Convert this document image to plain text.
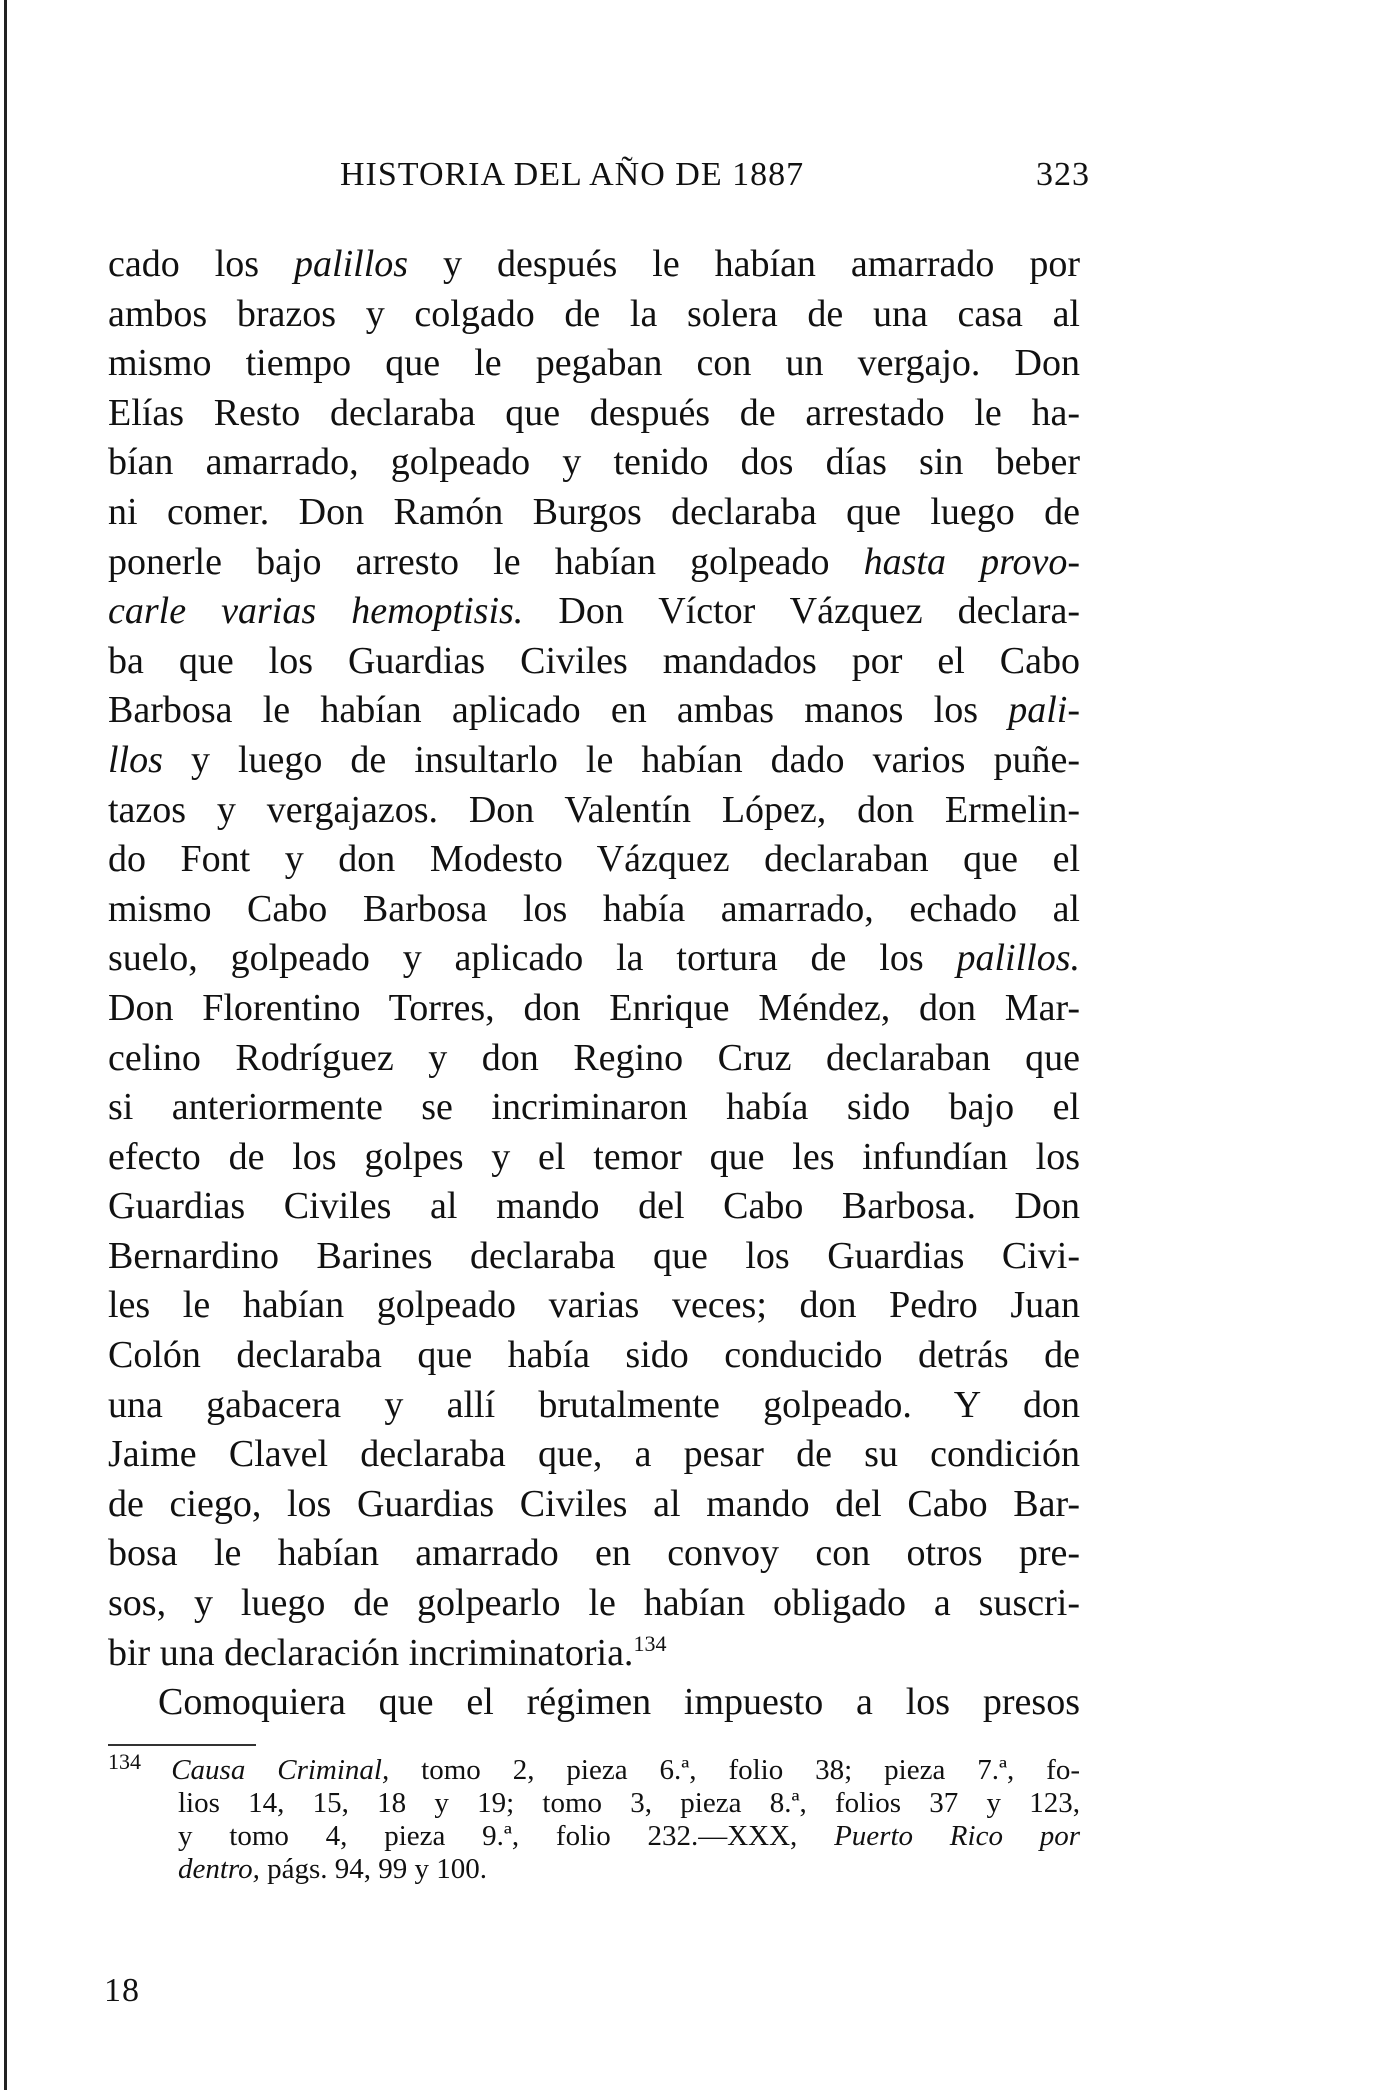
HISTORIA DEL AÑO DE 1887	323
cado los palillos y después le habían amarrado por
ambos brazos y colgado de la solera de una casa al
mismo tiempo que le pegaban con un vergajo. Don
Elías Resto declaraba que después de arrestado le ha-
bían amarrado, golpeado y tenido dos días sin beber
ni comer. Don Ramón Burgos declaraba que luego de
ponerle bajo arresto le habían golpeado hasta provo-
carle varias hemoptisis. Don Víctor Vázquez declara-
ba que los Guardias Civiles mandados por el Cabo
Barbosa le habían aplicado en ambas manos los pali-
llos y luego de insultarlo le habían dado varios puñe-
tazos y vergajazos. Don Valentín López, don Ermelin-
do Font y don Modesto Vázquez declaraban que el
mismo Cabo Barbosa los había amarrado, echado al
suelo, golpeado y aplicado la tortura de los palillos.
Don Florentino Torres, don Enrique Méndez, don Mar-
celino Rodríguez y don Regino Cruz declaraban que
si anteriormente se incriminaron había sido bajo el
efecto de los golpes y el temor que les infundían los
Guardias Civiles al mando del Cabo Barbosa. Don
Bernardino Barines declaraba que los Guardias Civi-
les le habían golpeado varias veces; don Pedro Juan
Colón declaraba que había sido conducido detrás de
una gabacera y allí brutalmente golpeado. Y don
Jaime Clavel declaraba que, a pesar de su condición
de ciego, los Guardias Civiles al mando del Cabo Bar-
bosa le habían amarrado en convoy con otros pre-
sos, y luego de golpearlo le habían obligado a suscri-
bir una declaración incriminatoria.$^{134}$
Comoquiera que el régimen impuesto a los presos
$^{134}$ Causa Criminal, tomo 2, pieza 6.ª, folio 38; pieza 7.ª, fo-
lios 14, 15, 18 y 19; tomo 3, pieza 8.ª, folios 37 y 123,
y tomo 4, pieza 9.ª, folio 232.—XXX, Puerto Rico por
dentro, págs. 94, 99 y 100.
18
